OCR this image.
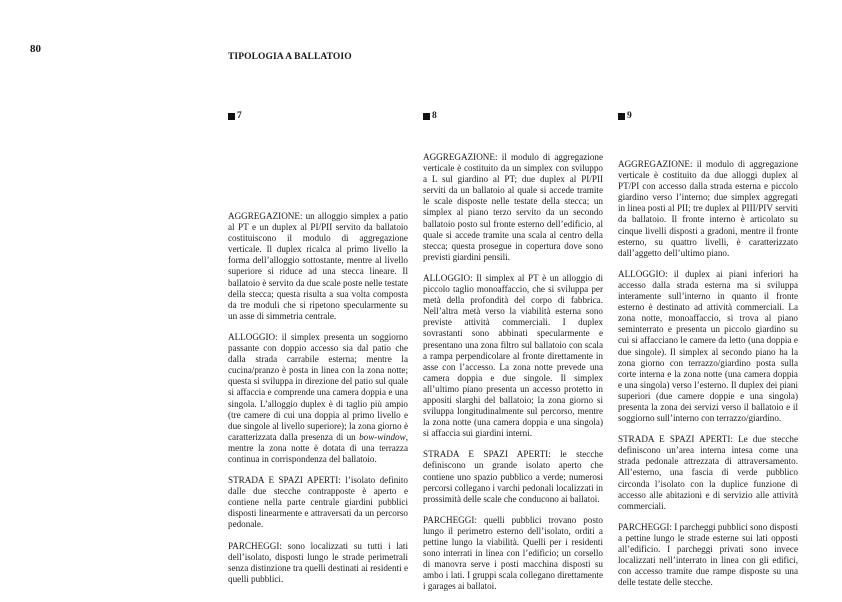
80
TIPOLOGIA A BALLATOIO
7	8	9

AGGREGAZIONE: un alloggio simplex a patio al PT e un duplex al PI/PII servito da ballatoio costituiscono il modulo di aggregazione verticale. Il duplex ricalca al primo livello la forma dell’alloggio sottostante, mentre al livello superiore si riduce ad una stecca lineare. Il ballatoio è servito da due scale poste nelle testate della stecca; questa risulta a sua volta composta da tre moduli che si ripetono specularmente su un asse di simmetria centrale.

ALLOGGIO: il simplex presenta un soggiorno passante con doppio accesso sia dal patio che dalla strada carrabile esterna; mentre la cucina/pranzo è posta in linea con la zona notte; questa si sviluppa in direzione del patio sul quale si affaccia e comprende una camera doppia e una singola. L’alloggio duplex è di taglio più ampio (tre camere di cui una doppia al primo livello e due singole al livello superiore); la zona giorno è caratterizzata dalla presenza di un bow-window, mentre la zona notte è dotata di una terrazza continua in corrispondenza del ballatoio.

STRADA E SPAZI APERTI: l’isolato definito dalle due stecche contrapposte è aperto e contiene nella parte centrale giardini pubblici disposti linearmente e attraversati da un percorso pedonale.

PARCHEGGI: sono localizzati su tutti i lati dell’isolato, disposti lungo le strade perimetrali senza distinzione tra quelli destinati ai residenti e quelli pubblici.

AGGREGAZIONE: il modulo di aggregazione verticale è costituito da un simplex con sviluppo a L sul giardino al PT; due duplex al PI/PII serviti da un ballatoio al quale si accede tramite le scale disposte nelle testate della stecca; un simplex al piano terzo servito da un secondo ballatoio posto sul fronte esterno dell’edificio, al quale si accede tramite una scala al centro della stecca; questa prosegue in copertura dove sono previsti giardini pensili.

ALLOGGIO: Il simplex al PT è un alloggio di piccolo taglio monoaffaccio, che si sviluppa per metà della profondità del corpo di fabbrica. Nell’altra metà verso la viabilità esterna sono previste attività commerciali. I duplex sovrastanti sono abbinati specularmente e presentano una zona filtro sul ballatoio con scala a rampa perpendicolare al fronte direttamente in asse con l’accesso. La zona notte prevede una camera doppia e due singole. Il simplex all’ultimo piano presenta un accesso protetto in appositi slarghi del ballatoio; la zona giorno si sviluppa longitudinalmente sul percorso, mentre la zona notte (una camera doppia e una singola) si affaccia sui giardini interni.

STRADA E SPAZI APERTI: le stecche definiscono un grande isolato aperto che contiene uno spazio pubblico a verde; numerosi percorsi collegano i varchi pedonali localizzati in prossimità delle scale che conducono ai ballatoi.

PARCHEGGI: quelli pubblici trovano posto lungo il perimetro esterno dell’isolato, orditi a pettine lungo la viabilità. Quelli per i residenti sono interrati in linea con l’edificio; un corsello di manovra serve i posti macchina disposti su ambo i lati. I gruppi scala collegano direttamente i garages ai ballatoi.

AGGREGAZIONE: il modulo di aggregazione verticale è costituito da due alloggi duplex al PT/PI con accesso dalla strada esterna e piccolo giardino verso l’interno; due simplex aggregati in linea posti al PII; tre duplex al PIII/PIV serviti da ballatoio. Il fronte interno è articolato su cinque livelli disposti a gradoni, mentre il fronte esterno, su quattro livelli, è caratterizzato dall’aggetto dell’ultimo piano.

ALLOGGIO: il duplex ai piani inferiori ha accesso dalla strada esterna ma si sviluppa interamente sull’interno in quanto il fronte esterno è destinato ad attività commerciali. La zona notte, monoaffaccio, si trova al piano seminterrato e presenta un piccolo giardino su cui si affacciano le camere da letto (una doppia e due singole). Il simplex al secondo piano ha la zona giorno con terrazzo/giardino posta sulla corte interna e la zona notte (una camera doppia e una singola) verso l’esterno. Il duplex dei piani superiori (due camere doppie e una singola) presenta la zona dei servizi verso il ballatoio e il soggiorno sull’interno con terrazzo/giardino.

STRADA E SPAZI APERTI: Le due stecche definiscono un’area interna intesa come una strada pedonale attrezzata di attraversamento. All’esterno, una fascia di verde pubblico circonda l’isolato con la duplice funzione di accesso alle abitazioni e di servizio alle attività commerciali.

PARCHEGGI: I parcheggi pubblici sono disposti a pettine lungo le strade esterne sui lati opposti all’edificio. I parcheggi privati sono invece localizzati nell’interrato in linea con gli edifici, con accesso tramite due rampe disposte su una delle testate delle stecche.
